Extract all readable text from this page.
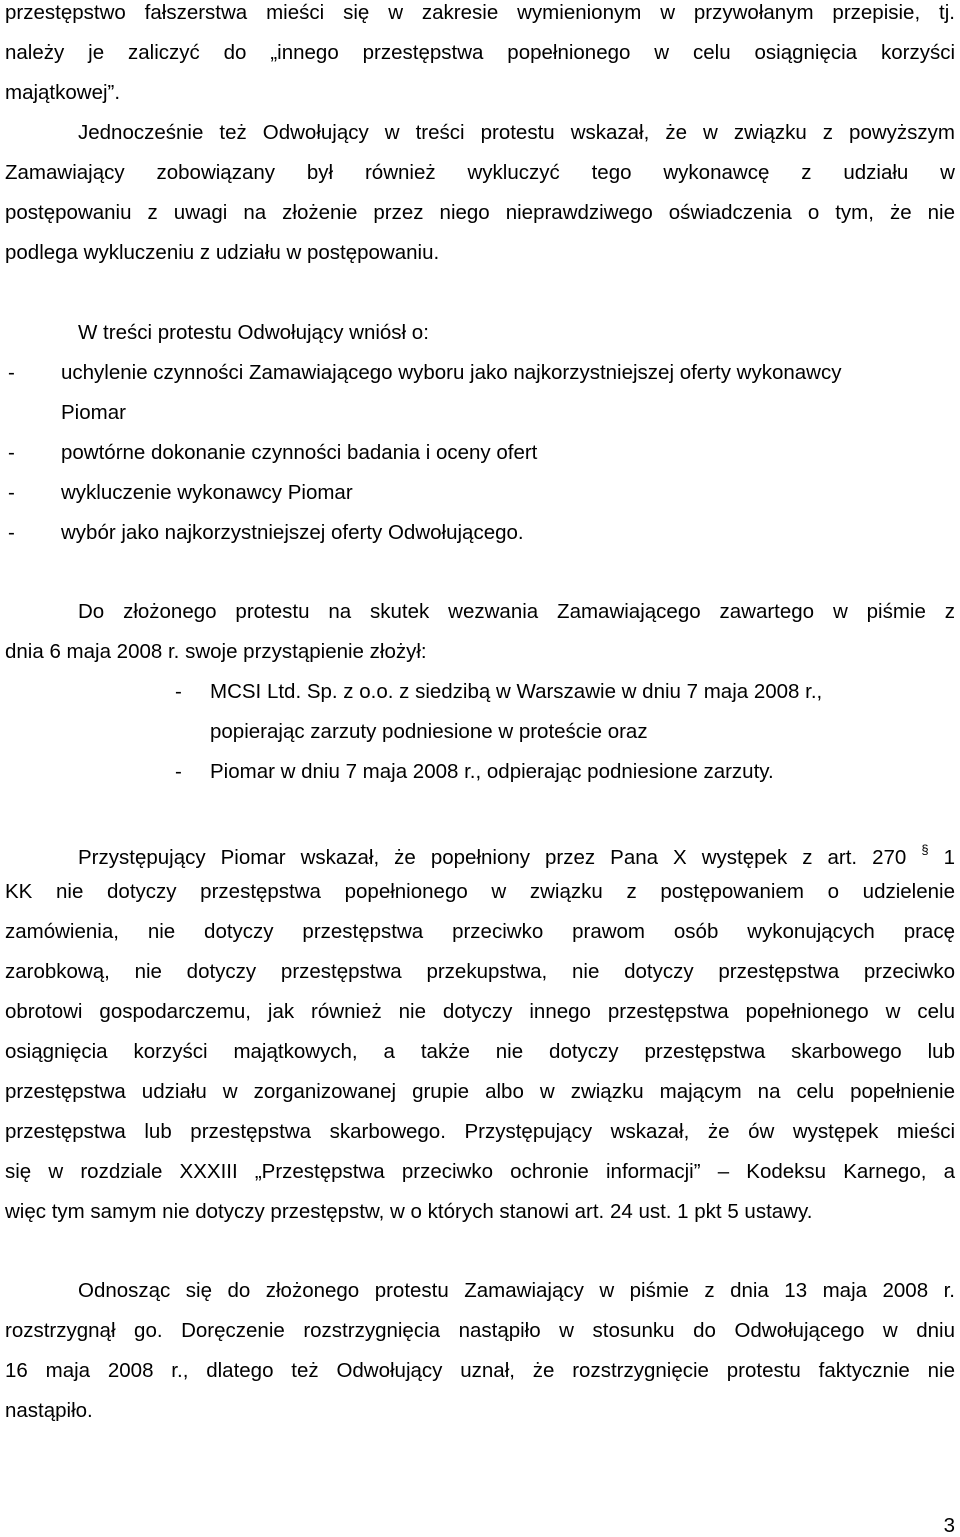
przestępstwo fałszerstwa mieści się w zakresie wymienionym w przywołanym przepisie, tj.
należy je zaliczyć do „innego przestępstwa popełnionego w celu osiągnięcia korzyści
majątkowej”.
Jednocześnie też Odwołujący w treści protestu wskazał, że w związku z powyższym
Zamawiający zobowiązany był również wykluczyć tego wykonawcę z udziału w
postępowaniu z uwagi na złożenie przez niego nieprawdziwego oświadczenia o tym, że nie
podlega wykluczeniu z udziału w postępowaniu.
W treści protestu Odwołujący wniósł o:
- uchylenie czynności Zamawiającego wyboru jako najkorzystniejszej oferty wykonawcy
Piomar
- powtórne dokonanie czynności badania i oceny ofert
- wykluczenie wykonawcy Piomar
- wybór jako najkorzystniejszej oferty Odwołującego.
Do złożonego protestu na skutek wezwania Zamawiającego zawartego w piśmie z
dnia 6 maja 2008 r. swoje przystąpienie złożył:
- MCSI Ltd. Sp. z o.o. z siedzibą w Warszawie w dniu 7 maja 2008 r.,
popierając zarzuty podniesione w proteście oraz
- Piomar w dniu 7 maja 2008 r., odpierając podniesione zarzuty.
Przystępujący Piomar wskazał, że popełniony przez Pana X występek z art. 270 § 1
KK nie dotyczy przestępstwa popełnionego w związku z postępowaniem o udzielenie
zamówienia, nie dotyczy przestępstwa przeciwko prawom osób wykonujących pracę
zarobkową, nie dotyczy przestępstwa przekupstwa, nie dotyczy przestępstwa przeciwko
obrotowi gospodarczemu, jak również nie dotyczy innego przestępstwa popełnionego w celu
osiągnięcia korzyści majątkowych, a także nie dotyczy przestępstwa skarbowego lub
przestępstwa udziału w zorganizowanej grupie albo w związku mającym na celu popełnienie
przestępstwa lub przestępstwa skarbowego. Przystępujący wskazał, że ów występek mieści
się w rozdziale XXXIII „Przestępstwa przeciwko ochronie informacji” – Kodeksu Karnego, a
więc tym samym nie dotyczy przestępstw, w o których stanowi art. 24 ust. 1 pkt 5 ustawy.
Odnosząc się do złożonego protestu Zamawiający w piśmie z dnia 13 maja 2008 r.
rozstrzygnął go. Doręczenie rozstrzygnięcia nastąpiło w stosunku do Odwołującego w dniu
16 maja 2008 r., dlatego też Odwołujący uznał, że rozstrzygnięcie protestu faktycznie nie
nastąpiło.
3
